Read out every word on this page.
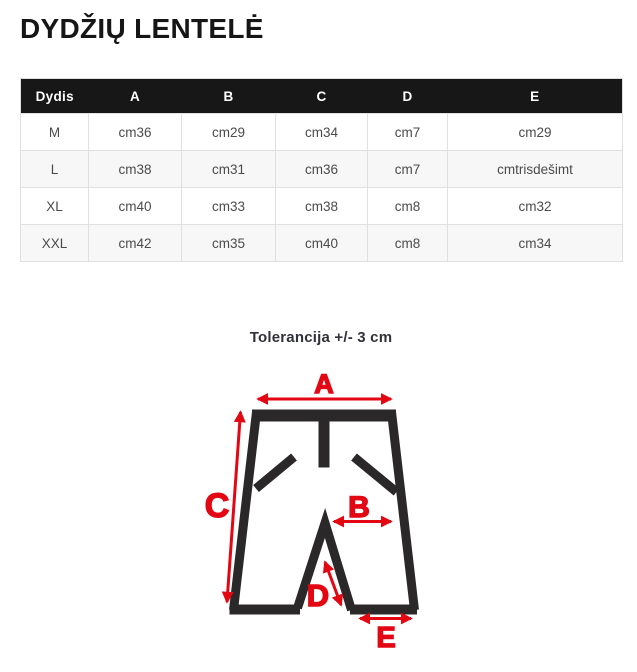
DYDŽIŲ LENTELĖ
Dydis	A	B	C	D	E
M	cm36	cm29	cm34	cm7	cm29
L	cm38	cm31	cm36	cm7	cmtrisdešimt
XL	cm40	cm33	cm38	cm8	cm32
XXL	cm42	cm35	cm40	cm8	cm34
Tolerancija +/- 3 cm
A
C	B
D
E
